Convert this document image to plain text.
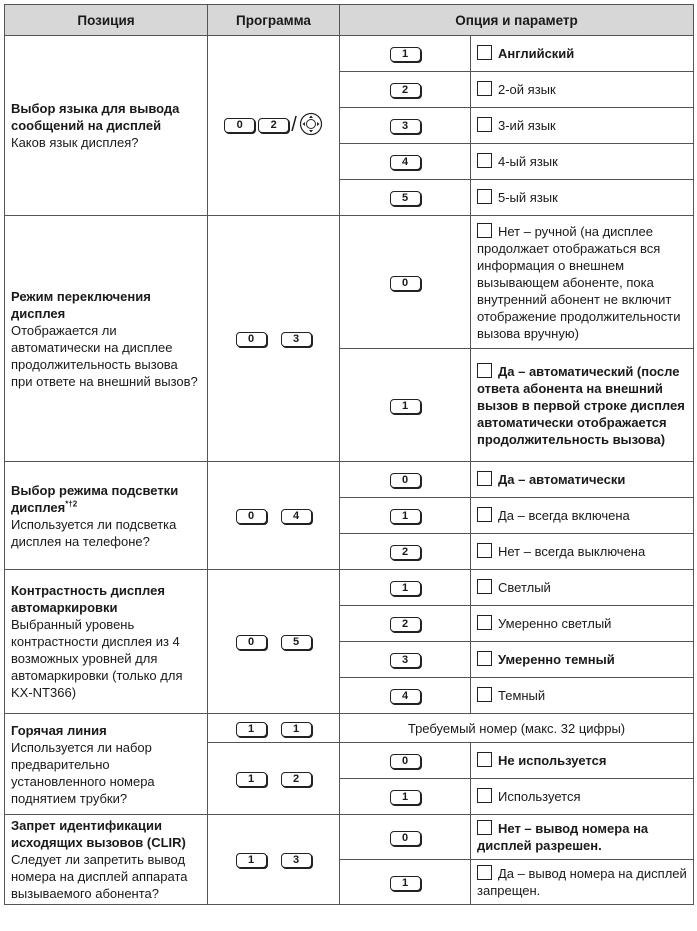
Позиция	Программа	Опция и параметр	

Выбор языка для вывода сообщений на дисплей
Каков язык дисплея?	0 2 /	1	Английский
		2	2-ой язык
		3	3-ий язык
		4	4-ый язык
		5	5-ый язык

Режим переключения дисплея
Отображается ли автоматически на дисплее продолжительность вызова при ответе на внешний вызов?	0 3	0	Нет – ручной (на дисплее продолжает отображаться вся информация о внешнем вызывающем абоненте, пока внутренний абонент не включит отображение продолжительности вызова вручную)
		1	Да – автоматический (после ответа абонента на внешний вызов в первой строке дисплея автоматически отображается продолжительность вызова)

Выбор режима подсветки дисплея$^{*\dagger 2}$
Используется ли подсветка дисплея на телефоне?	0 4	0	Да – автоматически
		1	Да – всегда включена
		2	Нет – всегда выключена

Контрастность дисплея автомаркировки
Выбранный уровень контрастности дисплея из 4 возможных уровней для автомаркировки (только для KX-NT366)	0 5	1	Светлый
		2	Умеренно светлый
		3	Умеренно темный
		4	Темный

Горячая линия
Используется ли набор предварительно установленного номера поднятием трубки?	1 1	Требуемый номер (макс. 32 цифры)	
	1 2	0	Не используется
		1	Используется

Запрет идентификации исходящих вызовов (CLIR)
Следует ли запретить вывод номера на дисплей аппарата вызываемого абонента?	1 3	0	Нет – вывод номера на дисплей разрешен.
		1	Да – вывод номера на дисплей запрещен.
